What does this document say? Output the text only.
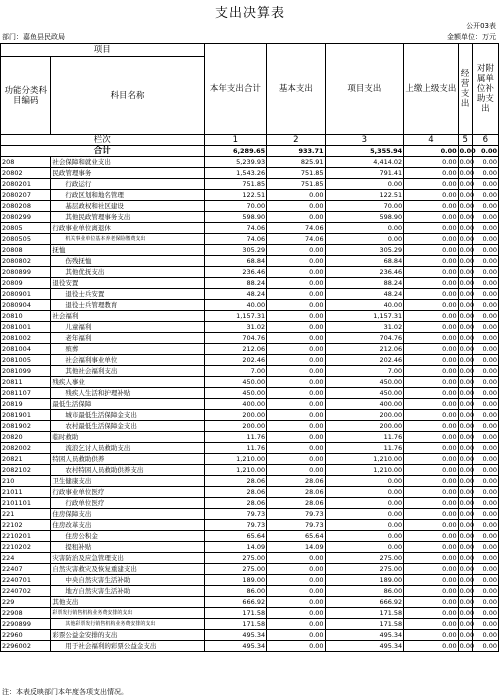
支出决算表
公开03表
部门：嘉鱼县民政局	金额单位：万元
项目		本年支出合计	基本支出	项目支出	上缴上级支出	经营支出	对附属单位补助支出
功能分类科目编码	科目名称						
栏次		1	2	3	4	5	6
合计		6,289.65	933.71	5,355.94	0.00	0.00	0.00
208	社会保障和就业支出	5,239.93	825.91	4,414.02	0.00	0.00	0.00
20802	民政管理事务	1,543.26	751.85	791.41	0.00	0.00	0.00
2080201	行政运行	751.85	751.85	0.00	0.00	0.00	0.00
2080207	行政区划和地名管理	122.51	0.00	122.51	0.00	0.00	0.00
2080208	基层政权和社区建设	70.00	0.00	70.00	0.00	0.00	0.00
2080299	其他民政管理事务支出	598.90	0.00	598.90	0.00	0.00	0.00
20805	行政事业单位离退休	74.06	74.06	0.00	0.00	0.00	0.00
2080505	机关事业单位基本养老保险缴费支出	74.06	74.06	0.00	0.00	0.00	0.00
20808	抚恤	305.29	0.00	305.29	0.00	0.00	0.00
2080802	伤残抚恤	68.84	0.00	68.84	0.00	0.00	0.00
2080899	其他优抚支出	236.46	0.00	236.46	0.00	0.00	0.00
20809	退役安置	88.24	0.00	88.24	0.00	0.00	0.00
2080901	退役士兵安置	48.24	0.00	48.24	0.00	0.00	0.00
2080904	退役士兵管理教育	40.00	0.00	40.00	0.00	0.00	0.00
20810	社会福利	1,157.31	0.00	1,157.31	0.00	0.00	0.00
2081001	儿童福利	31.02	0.00	31.02	0.00	0.00	0.00
2081002	老年福利	704.76	0.00	704.76	0.00	0.00	0.00
2081004	殡葬	212.06	0.00	212.06	0.00	0.00	0.00
2081005	社会福利事业单位	202.46	0.00	202.46	0.00	0.00	0.00
2081099	其他社会福利支出	7.00	0.00	7.00	0.00	0.00	0.00
20811	残疾人事业	450.00	0.00	450.00	0.00	0.00	0.00
2081107	残疾人生活和护理补贴	450.00	0.00	450.00	0.00	0.00	0.00
20819	最低生活保障	400.00	0.00	400.00	0.00	0.00	0.00
2081901	城市最低生活保障金支出	200.00	0.00	200.00	0.00	0.00	0.00
2081902	农村最低生活保障金支出	200.00	0.00	200.00	0.00	0.00	0.00
20820	临时救助	11.76	0.00	11.76	0.00	0.00	0.00
2082002	流浪乞讨人员救助支出	11.76	0.00	11.76	0.00	0.00	0.00
20821	特困人员救助供养	1,210.00	0.00	1,210.00	0.00	0.00	0.00
2082102	农村特困人员救助供养支出	1,210.00	0.00	1,210.00	0.00	0.00	0.00
210	卫生健康支出	28.06	28.06	0.00	0.00	0.00	0.00
21011	行政事业单位医疗	28.06	28.06	0.00	0.00	0.00	0.00
2101101	行政单位医疗	28.06	28.06	0.00	0.00	0.00	0.00
221	住房保障支出	79.73	79.73	0.00	0.00	0.00	0.00
22102	住房改革支出	79.73	79.73	0.00	0.00	0.00	0.00
2210201	住房公积金	65.64	65.64	0.00	0.00	0.00	0.00
2210202	提租补贴	14.09	14.09	0.00	0.00	0.00	0.00
224	灾害防治及应急管理支出	275.00	0.00	275.00	0.00	0.00	0.00
22407	自然灾害救灾及恢复重建支出	275.00	0.00	275.00	0.00	0.00	0.00
2240701	中央自然灾害生活补助	189.00	0.00	189.00	0.00	0.00	0.00
2240702	地方自然灾害生活补助	86.00	0.00	86.00	0.00	0.00	0.00
229	其他支出	666.92	0.00	666.92	0.00	0.00	0.00
22908	彩票发行销售机构业务费安排的支出	171.58	0.00	171.58	0.00	0.00	0.00
2290899	其他彩票发行销售机构业务费安排的支出	171.58	0.00	171.58	0.00	0.00	0.00
22960	彩票公益金安排的支出	495.34	0.00	495.34	0.00	0.00	0.00
2296002	用于社会福利的彩票公益金支出	495.34	0.00	495.34	0.00	0.00	0.00
注：本表反映部门本年度各项支出情况。
